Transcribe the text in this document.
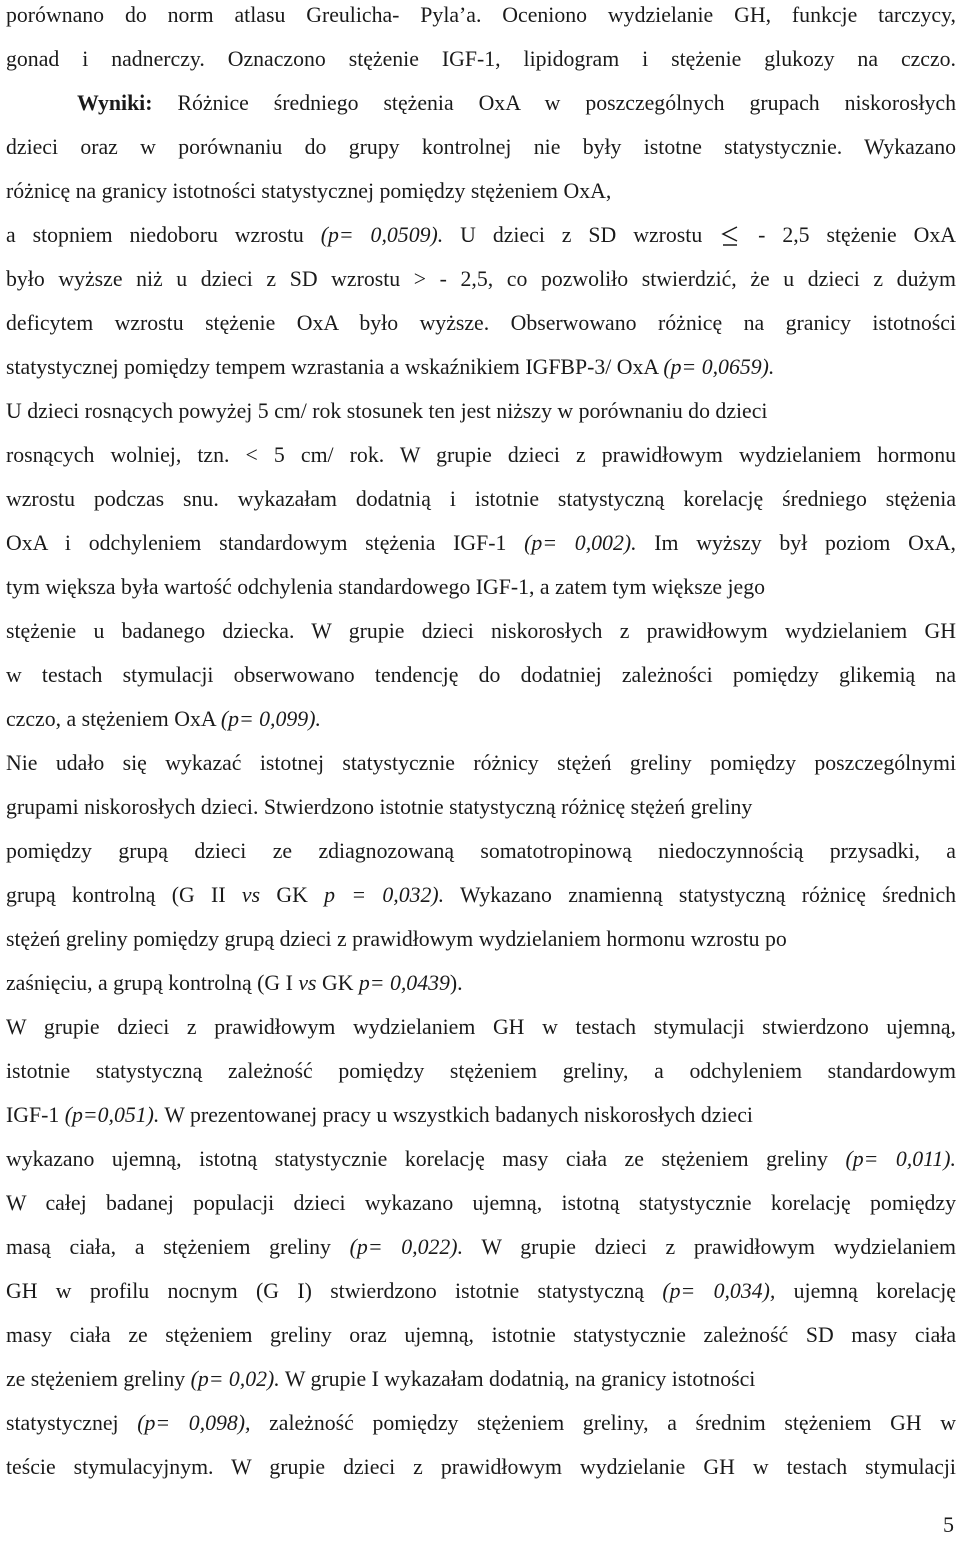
porównano do norm atlasu Greulicha- Pyla’a. Oceniono wydzielanie GH, funkcje tarczycy,
gonad i nadnerczy. Oznaczono stężenie IGF-1, lipidogram i stężenie glukozy na czczo.
Wyniki: Różnice średniego stężenia OxA w poszczególnych grupach niskorosłych
dzieci oraz w porównaniu do grupy kontrolnej nie były istotne statystycznie. Wykazano
różnicę na granicy istotności statystycznej pomiędzy stężeniem OxA,
a stopniem niedoboru wzrostu (p= 0,0509). U dzieci z SD wzrostu
- 2,5 stężenie OxA
było wyższe niż u dzieci z SD wzrostu > - 2,5, co pozwoliło stwierdzić, że u dzieci z dużym
deficytem wzrostu stężenie OxA było wyższe. Obserwowano różnicę na granicy istotności
statystycznej pomiędzy tempem wzrastania a wskaźnikiem IGFBP-3/ OxA (p= 0,0659).
U dzieci rosnących powyżej 5 cm/ rok stosunek ten jest niższy w porównaniu do dzieci
rosnących wolniej, tzn. < 5 cm/ rok. W grupie dzieci z prawidłowym wydzielaniem hormonu
wzrostu podczas snu. wykazałam dodatnią i istotnie statystyczną korelację średniego stężenia
OxA i odchyleniem standardowym stężenia IGF-1 (p= 0,002). Im wyższy był poziom OxA,
tym większa była wartość odchylenia standardowego IGF-1, a zatem tym większe jego
stężenie u badanego dziecka. W grupie dzieci niskorosłych z prawidłowym wydzielaniem GH
w testach stymulacji obserwowano tendencję do dodatniej zależności pomiędzy glikemią na
czczo, a stężeniem OxA (p= 0,099).
Nie udało się wykazać istotnej statystycznie różnicy stężeń greliny pomiędzy poszczególnymi
grupami niskorosłych dzieci. Stwierdzono istotnie statystyczną różnicę stężeń greliny
pomiędzy grupą dzieci ze zdiagnozowaną somatotropinową niedoczynnością przysadki, a
grupą kontrolną (G II vs GK p = 0,032). Wykazano znamienną statystyczną różnicę średnich
stężeń greliny pomiędzy grupą dzieci z prawidłowym wydzielaniem hormonu wzrostu po
zaśnięciu, a grupą kontrolną (G I vs GK p= 0,0439).
W grupie dzieci z prawidłowym wydzielaniem GH w testach stymulacji stwierdzono ujemną,
istotnie statystyczną zależność pomiędzy stężeniem greliny, a odchyleniem standardowym
IGF-1 (p=0,051). W prezentowanej pracy u wszystkich badanych niskorosłych dzieci
wykazano ujemną, istotną statystycznie korelację masy ciała ze stężeniem greliny (p= 0,011).
W całej badanej populacji dzieci wykazano ujemną, istotną statystycznie korelację pomiędzy
masą ciała, a stężeniem greliny (p= 0,022). W grupie dzieci z prawidłowym wydzielaniem
GH w profilu nocnym (G I) stwierdzono istotnie statystyczną (p= 0,034), ujemną korelację
masy ciała ze stężeniem greliny oraz ujemną, istotnie statystycznie zależność SD masy ciała
ze stężeniem greliny (p= 0,02). W grupie I wykazałam dodatnią, na granicy istotności
statystycznej (p= 0,098), zależność pomiędzy stężeniem greliny, a średnim stężeniem GH w
teście stymulacyjnym. W grupie dzieci z prawidłowym wydzielanie GH w testach stymulacji
5
